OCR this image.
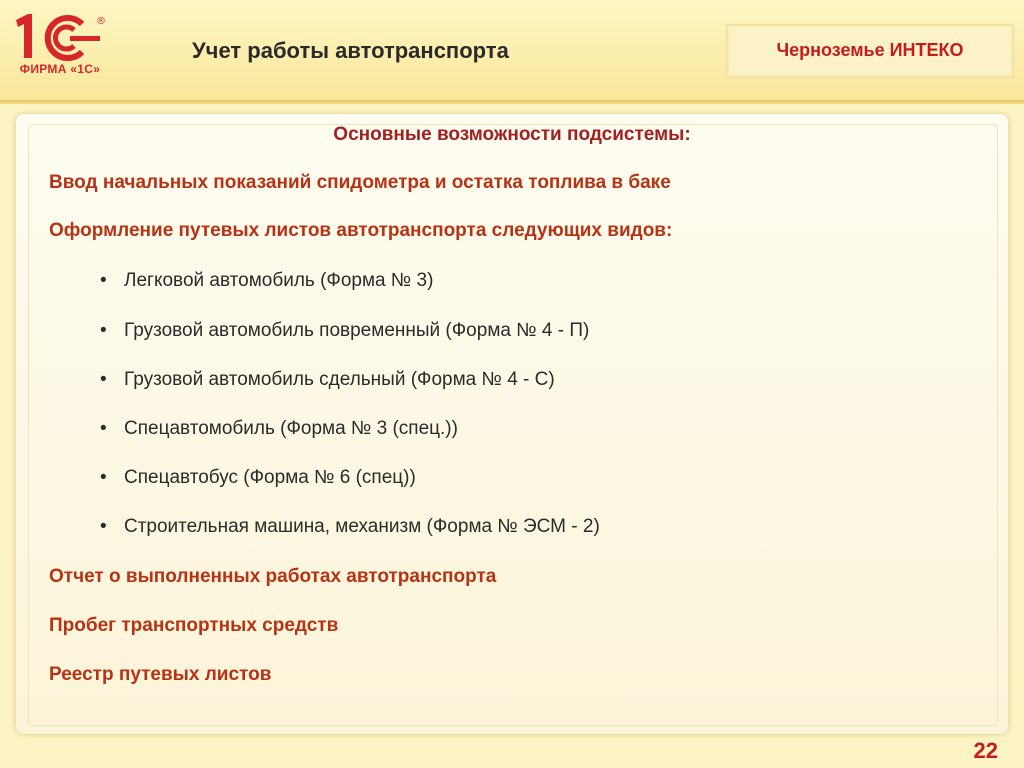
®
ФИРМА «1С»
Учет работы автотранспорта	Черноземье ИНТЕКО
Основные возможности подсистемы:
Ввод начальных показаний спидометра и остатка топлива в баке
Оформление путевых листов автотранспорта следующих видов:
• Легковой автомобиль (Форма № 3)
• Грузовой автомобиль повременный (Форма № 4 - П)
• Грузовой автомобиль сдельный (Форма № 4 - С)
• Спецавтомобиль (Форма № 3 (спец.))
• Спецавтобус (Форма № 6 (спец))
• Строительная машина, механизм (Форма № ЭСМ - 2)
Отчет о выполненных работах автотранспорта
Пробег транспортных средств
Реестр путевых листов
22
